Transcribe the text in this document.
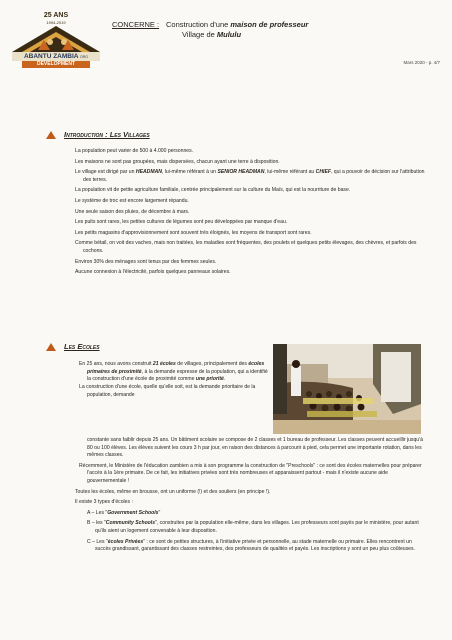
25 ANS
1994-2019
ABANTU ZAMBIA ORG
DEVELOPMENT
CONCERNE : Construction d'une maison de professeur
Village de Mululu
Mars 2020 - p. 4/7
Introduction : Les Villages

La population peut varier de 500 à 4.000 personnes.

Les maisons ne sont pas groupées, mais dispersées, chacun ayant une terre à disposition.

Le village est dirigé par un HEADMAN, lui-même référant à un SENIOR HEADMAN, lui-même référant au CHIEF, qui a pouvoir de décision sur l'attribution des terres.

La population vit de petite agriculture familiale, centrée principalement sur la culture du Maïs, qui est la nourriture de base.

Le système de troc est encore largement répandu.

Une seule saison des pluies, de décembre à mars.

Les puits sont rares, les petites cultures de légumes sont peu développées par manque d'eau.

Les petits magasins d'approvisionnement sont souvent très éloignés, les moyens de transport sont rares.

Comme bétail, on voit des vaches, mais non traitées, les maladies sont fréquentes, des poulets et quelques petits élevages, des chèvres, et parfois des cochons.

Environ 30% des ménages sont tenus par des femmes seules.

Aucune connexion à l'électricité, parfois quelques panneaux solaires.

Les Ecoles

En 25 ans, nous avons construit 21 écoles de villages, principalement des écoles primaires de proximité, à la demande expresse de la population, qui a identifié la construction d'une école de proximité comme une priorité.

La construction d'une école, quelle qu'elle soit, est la demande prioritaire de la population, demande

constante sans faiblir depuis 25 ans. Un bâtiment scolaire se compose de 2 classes et 1 bureau de professeur. Les classes peuvent accueillir jusqu'à 80 ou 100 élèves. Les élèves suivent les cours 3 h par jour, en raison des distances à parcourir à pied, cela permet une importante rotation, dans les mêmes classes.

Récemment, le Ministère de l'éducation zambien a mis à son programme la construction de "Preschools" : ce sont des écoles maternelles pour préparer l'accès à la 1ère primaire. De ce fait, les initiatives privées sont très nombreuses et apparaissent partout - mais il n'existe aucune aide gouvernementale !

Toutes les écoles, même en brousse, ont un uniforme (!) et des souliers (en principe !).

Il existe 3 types d'écoles :

A – Les "Government Schools"

B – les "Community Schools", construites par la population elle-même, dans les villages. Les professeurs sont payés par le ministère, pour autant qu'ils aient un logement convenable à leur disposition.

C – Les "écoles Privées" : ce sont de petites structures, à l'initiative privée et personnelle, au stade maternelle ou primaire. Elles rencontrent un succès grandissant, garantissant des classes restreintes, des professeurs de qualités et payés. Les inscriptions y sont un peu plus coûteuses.
